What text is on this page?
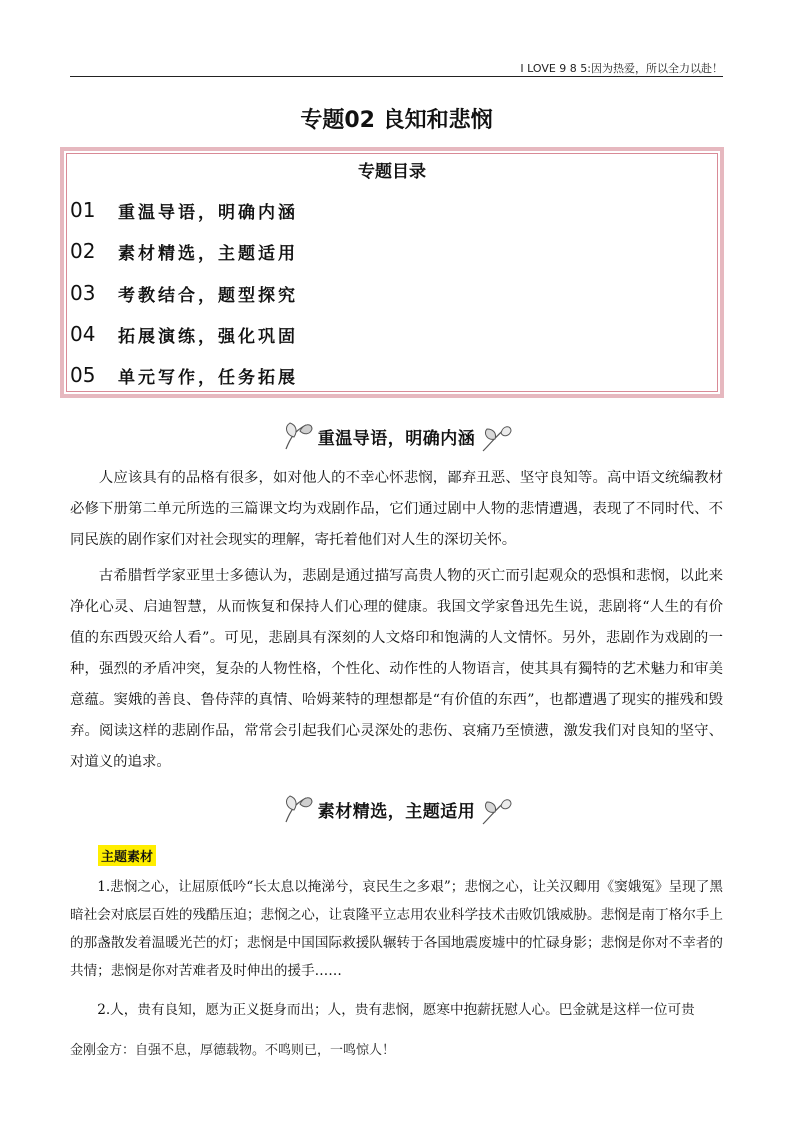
I LOVE 9 8 5:因为热爱，所以全力以赴！
专题02 良知和悲悯
专题目录
01	重温导语，明确内涵
02	素材精选，主题适用
03	考教结合，题型探究
04	拓展演练，强化巩固
05	单元写作，任务拓展
重温导语，明确内涵

人应该具有的品格有很多，如对他人的不幸心怀悲悯，鄙弃丑恶、坚守良知等。高中语文统编教材必修下册第二单元所选的三篇课文均为戏剧作品，它们通过剧中人物的悲情遭遇，表现了不同时代、不同民族的剧作家们对社会现实的理解，寄托着他们对人生的深切关怀。

古希腊哲学家亚里士多德认为，悲剧是通过描写高贵人物的灭亡而引起观众的恐惧和悲悯，以此来净化心灵、启迪智慧，从而恢复和保持人们心理的健康。我国文学家鲁迅先生说，悲剧将“人生的有价值的东西毁灭给人看”。可见，悲剧具有深刻的人文烙印和饱满的人文情怀。另外，悲剧作为戏剧的一种，强烈的矛盾冲突，复杂的人物性格，个性化、动作性的人物语言，使其具有獨特的艺术魅力和审美意蕴。窦娥的善良、鲁侍萍的真情、哈姆莱特的理想都是“有价值的东西”，也都遭遇了现实的摧残和毁弃。阅读这样的悲剧作品，常常会引起我们心灵深处的悲伤、哀痛乃至愤懑，激发我们对良知的坚守、对道义的追求。

素材精选，主题适用
主题素材

1.悲悯之心，让屈原低吟“长太息以掩涕兮，哀民生之多艰”；悲悯之心，让关汉卿用《窦娥冤》呈现了黑暗社会对底层百姓的残酷压迫；悲悯之心，让袁隆平立志用农业科学技术击败饥饿威胁。悲悯是南丁格尔手上的那盏散发着温暖光芒的灯；悲悯是中国国际救援队辗转于各国地震废墟中的忙碌身影；悲悯是你对不幸者的共情；悲悯是你对苦难者及时伸出的援手……

2.人，贵有良知，愿为正义挺身而出；人，贵有悲悯，愿寒中抱薪抚慰人心。巴金就是这样一位可贵

金刚金方：自强不息，厚德载物。不鸣则已，一鸣惊人！
